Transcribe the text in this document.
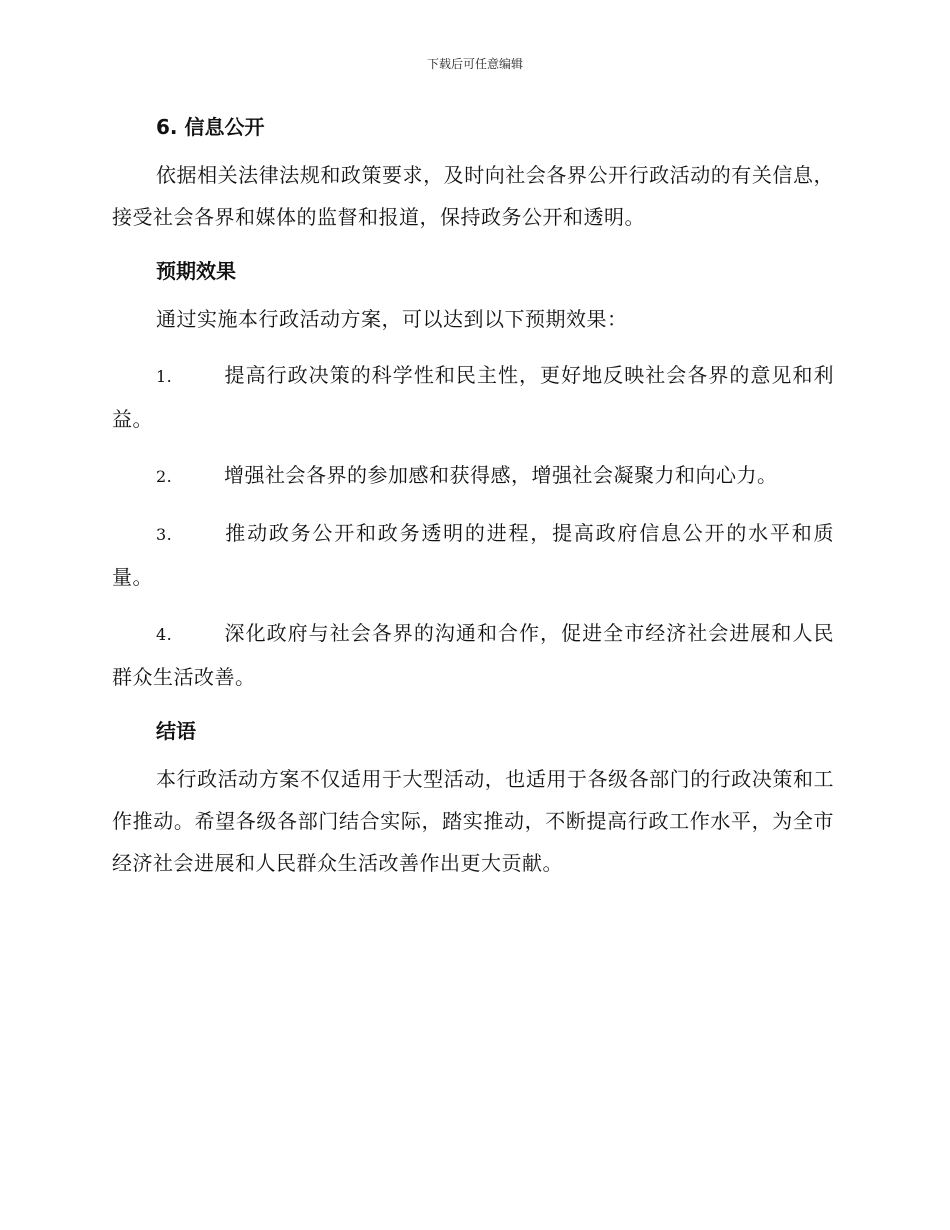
下载后可任意编辑
6. 信息公开

依据相关法律法规和政策要求，及时向社会各界公开行政活动的有关信息，接受社会各界和媒体的监督和报道，保持政务公开和透明。

预期效果

通过实施本行政活动方案，可以达到以下预期效果：

1.	提高行政决策的科学性和民主性，更好地反映社会各界的意见和利益。

2.	增强社会各界的参加感和获得感，增强社会凝聚力和向心力。

3.	推动政务公开和政务透明的进程，提高政府信息公开的水平和质量。

4.	深化政府与社会各界的沟通和合作，促进全市经济社会进展和人民群众生活改善。

结语

本行政活动方案不仅适用于大型活动，也适用于各级各部门的行政决策和工作推动。希望各级各部门结合实际，踏实推动，不断提高行政工作水平，为全市经济社会进展和人民群众生活改善作出更大贡献。
